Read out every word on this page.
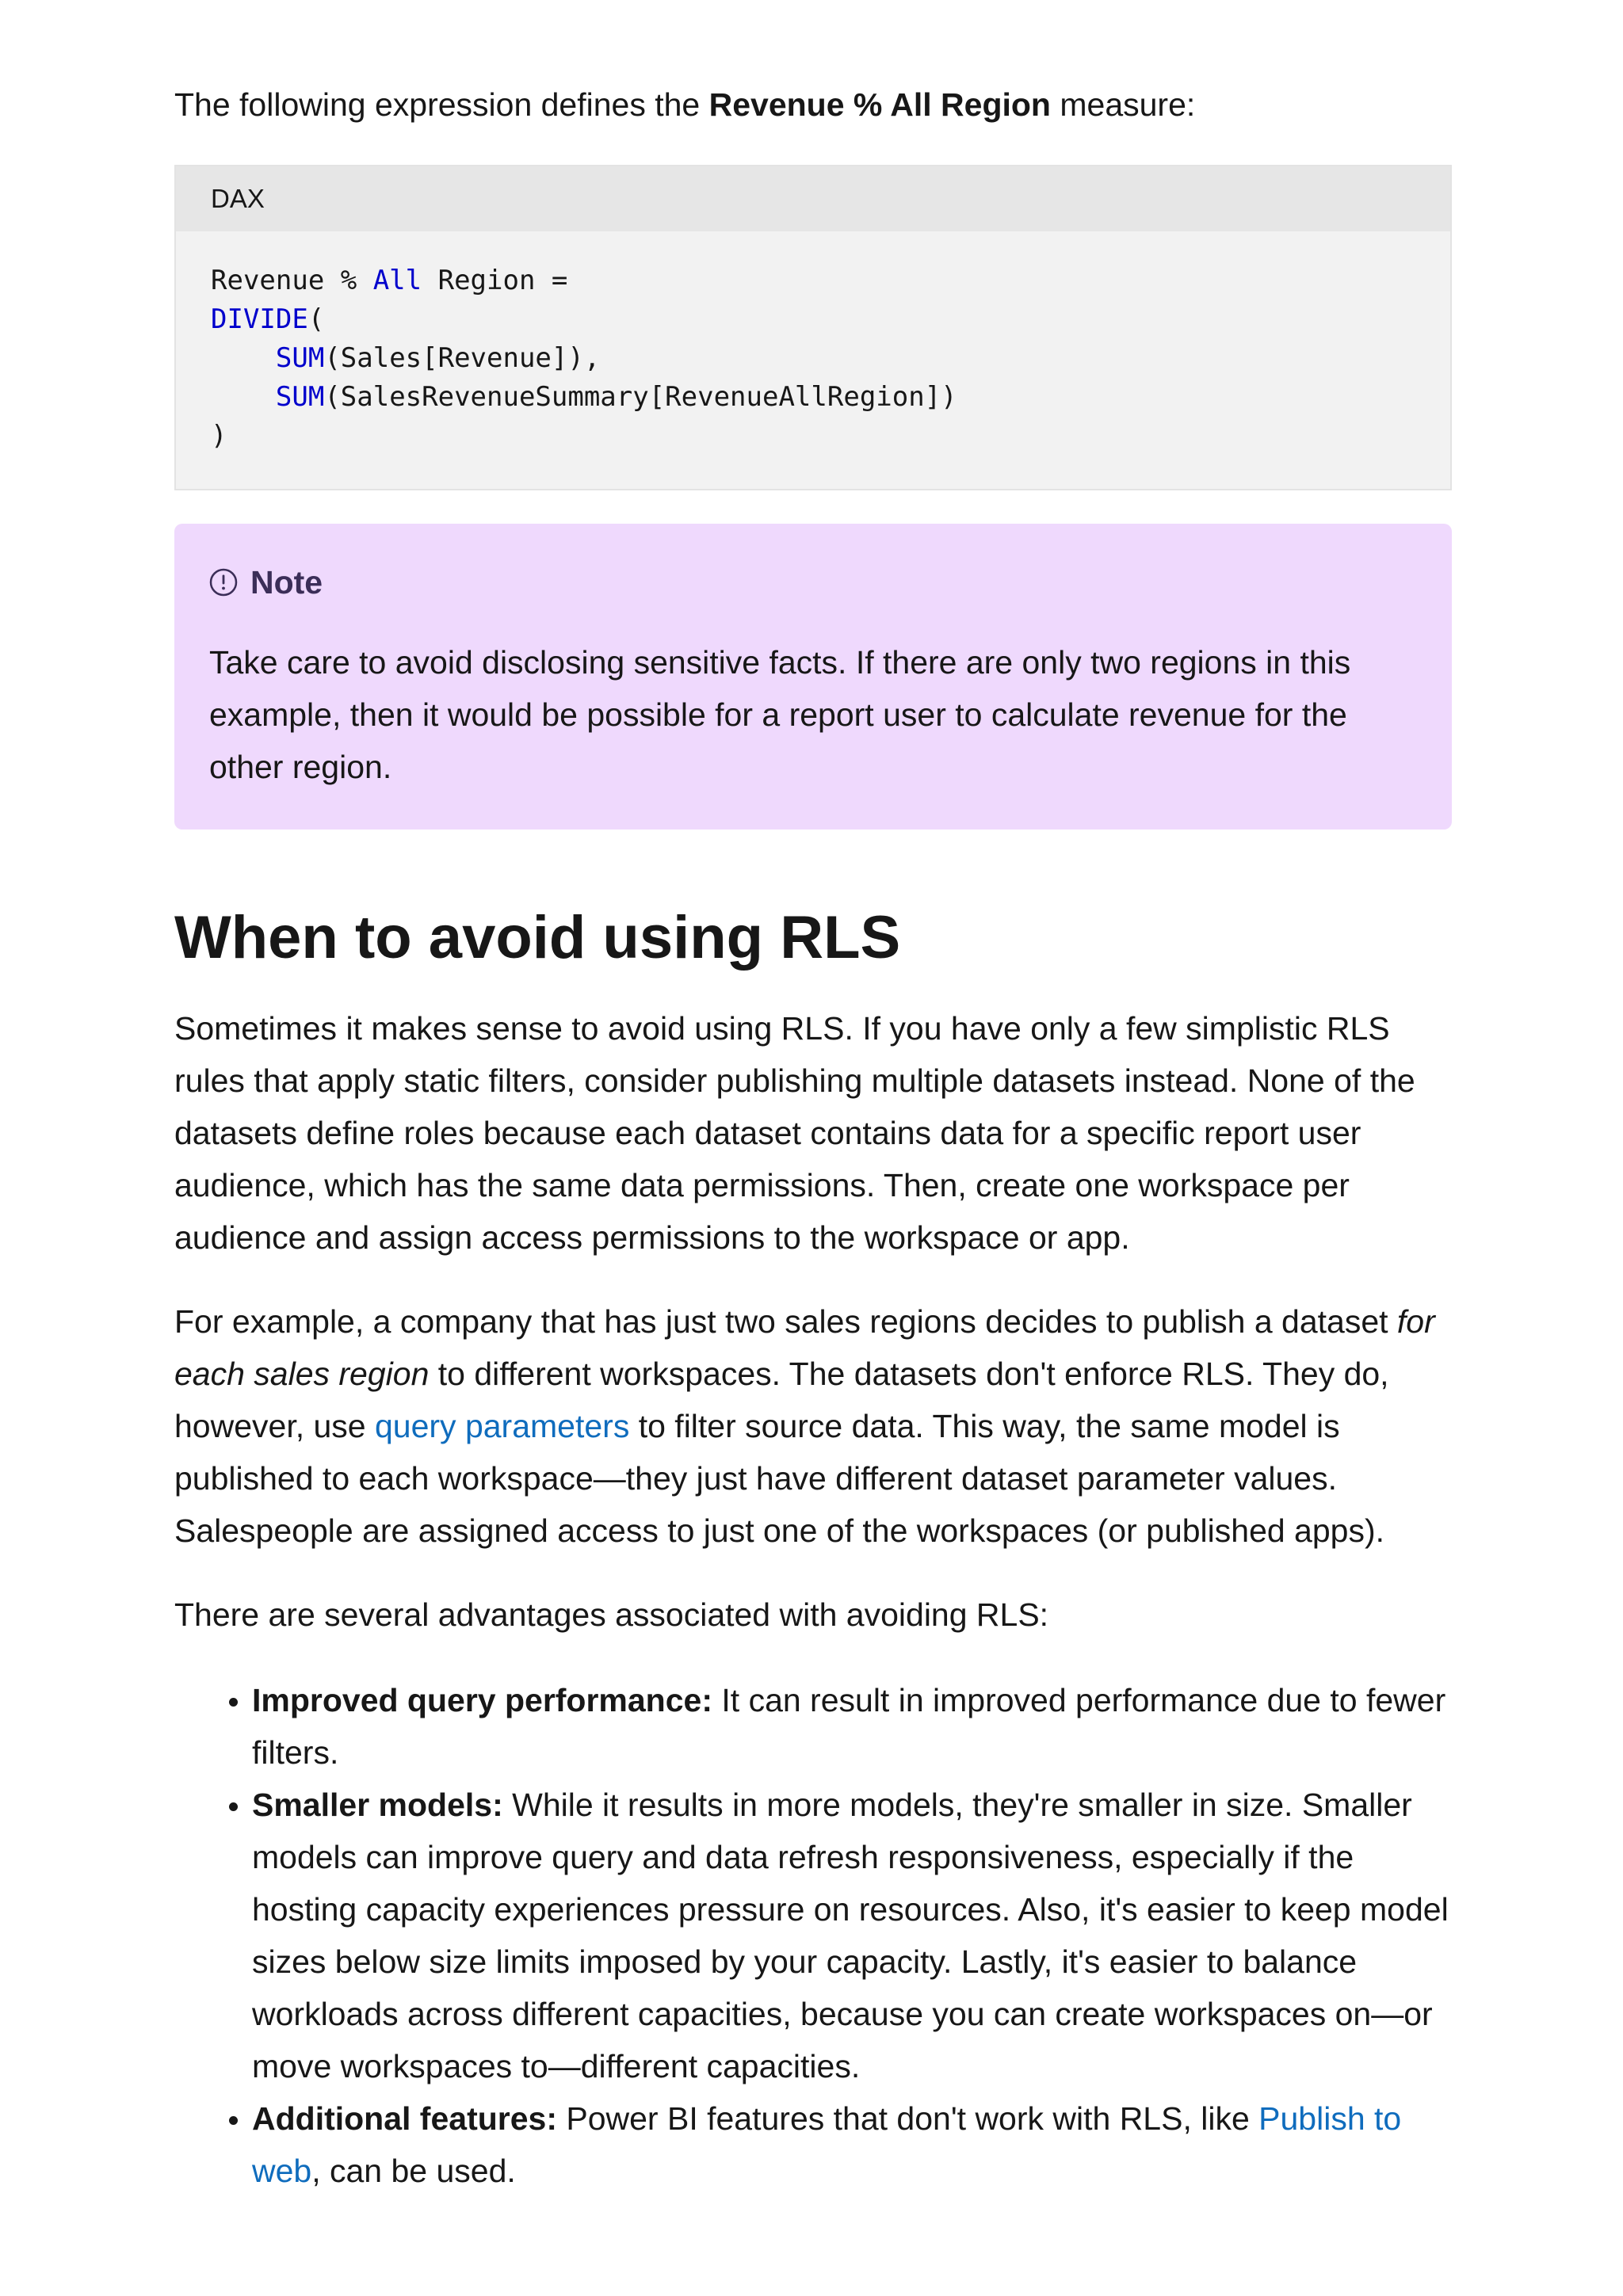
The following expression defines the Revenue % All Region measure:

DAX
Revenue % All Region =
DIVIDE(
SUM(Sales[Revenue]),
SUM(SalesRevenueSummary[RevenueAllRegion])
)
Note

Take care to avoid disclosing sensitive facts. If there are only two regions in this example, then it would be possible for a report user to calculate revenue for the other region.

When to avoid using RLS

Sometimes it makes sense to avoid using RLS. If you have only a few simplistic RLS rules that apply static filters, consider publishing multiple datasets instead. None of the datasets define roles because each dataset contains data for a specific report user audience, which has the same data permissions. Then, create one workspace per audience and assign access permissions to the workspace or app.

For example, a company that has just two sales regions decides to publish a dataset for each sales region to different workspaces. The datasets don't enforce RLS. They do, however, use query parameters to filter source data. This way, the same model is published to each workspace—they just have different dataset parameter values. Salespeople are assigned access to just one of the workspaces (or published apps).

There are several advantages associated with avoiding RLS:

• Improved query performance: It can result in improved performance due to fewer filters.
• Smaller models: While it results in more models, they're smaller in size. Smaller models can improve query and data refresh responsiveness, especially if the hosting capacity experiences pressure on resources. Also, it's easier to keep model sizes below size limits imposed by your capacity. Lastly, it's easier to balance workloads across different capacities, because you can create workspaces on—or move workspaces to—different capacities.
• Additional features: Power BI features that don't work with RLS, like Publish to web, can be used.
